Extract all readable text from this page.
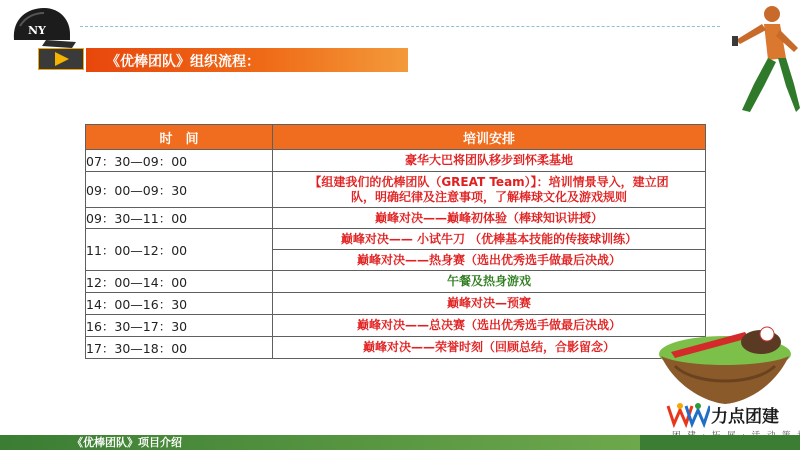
NY
《优棒团队》组织流程：
时　间	培训安排
07：30—09：00	豪华大巴将团队移步到怀柔基地
09：00—09：30	【组建我们的优棒团队（GREAT Team）】：培训情景导入，建立团队，明确纪律及注意事项，了解棒球文化及游戏规则
09：30—11：00	巅峰对决——巅峰初体验（棒球知识讲授）
11：00—12：00	巅峰对决—— 小试牛刀 （优棒基本技能的传接球训练）
	巅峰对决——热身赛（选出优秀选手做最后决战）
12：00—14：00	午餐及热身游戏
14：00—16：30	巅峰对决—预赛
16：30—17：30	巅峰对决——总决赛（选出优秀选手做最后决战）
17：30—18：00	巅峰对决——荣誉时刻（回顾总结，合影留念）
力点团建
《优棒团队》项目介绍
